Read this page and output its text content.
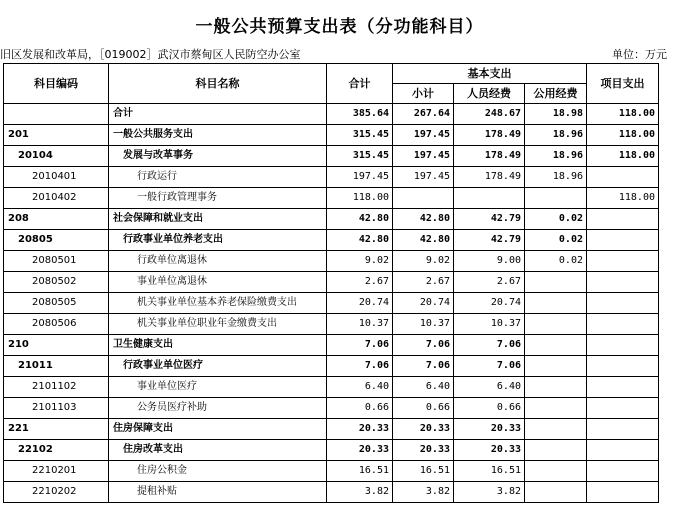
一般公共预算支出表（分功能科目）
旧区发展和改革局，［019002］武汉市蔡甸区人民防空办公室	单位：万元
科目编码	科目名称	合计	基本支出			项目支出
			小计	人员经费	公用经费	
	合计	385.64	267.64	248.67	18.98	118.00
201	一般公共服务支出	315.45	197.45	178.49	18.96	118.00
20104	发展与改革事务	315.45	197.45	178.49	18.96	118.00
2010401	行政运行	197.45	197.45	178.49	18.96	
2010402	一般行政管理事务	118.00				118.00
208	社会保障和就业支出	42.80	42.80	42.79	0.02	
20805	行政事业单位养老支出	42.80	42.80	42.79	0.02	
2080501	行政单位离退休	9.02	9.02	9.00	0.02	
2080502	事业单位离退休	2.67	2.67	2.67		
2080505	机关事业单位基本养老保险缴费支出	20.74	20.74	20.74		
2080506	机关事业单位职业年金缴费支出	10.37	10.37	10.37		
210	卫生健康支出	7.06	7.06	7.06		
21011	行政事业单位医疗	7.06	7.06	7.06		
2101102	事业单位医疗	6.40	6.40	6.40		
2101103	公务员医疗补助	0.66	0.66	0.66		
221	住房保障支出	20.33	20.33	20.33		
22102	住房改革支出	20.33	20.33	20.33		
2210201	住房公积金	16.51	16.51	16.51		
2210202	提租补贴	3.82	3.82	3.82		
